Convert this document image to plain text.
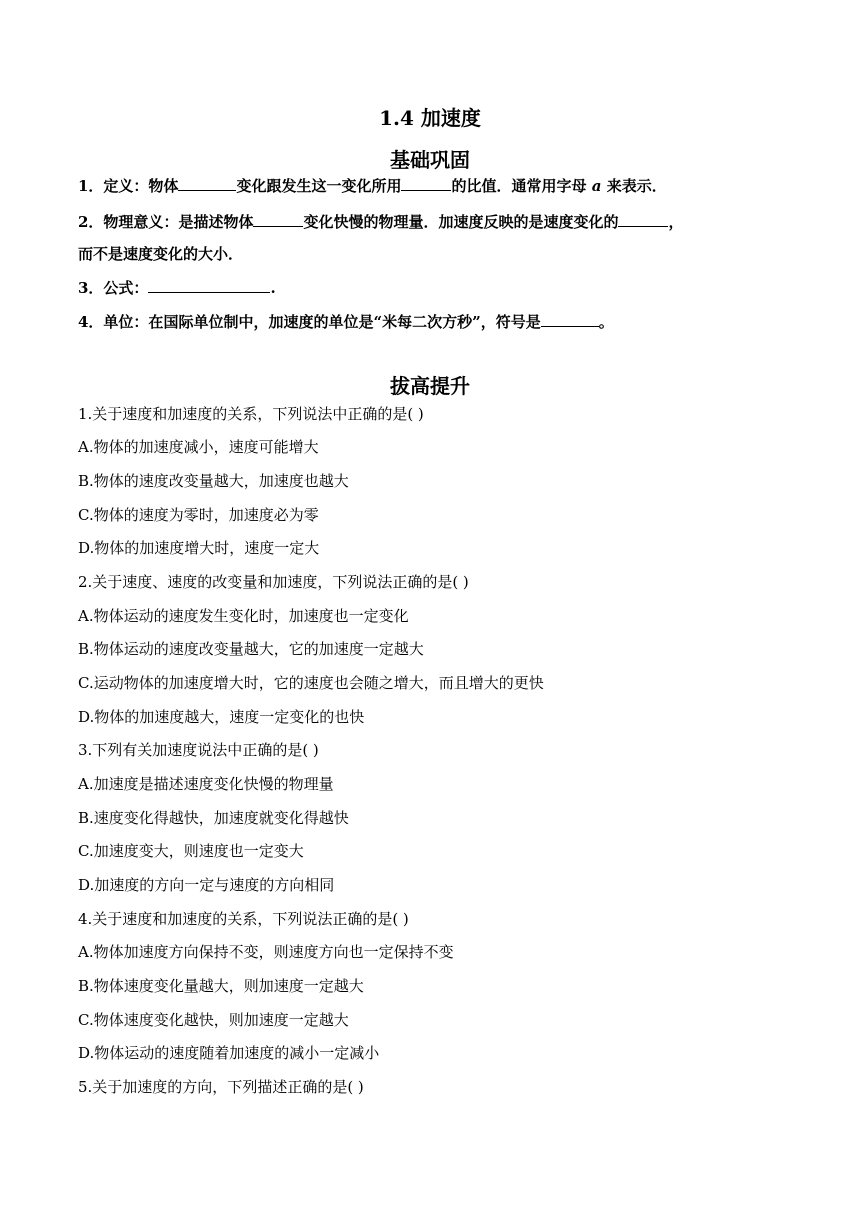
1.4 加速度
基础巩固
1．定义：物体	变化跟发生这一变化所用	的比值．通常用字母 a 来表示．
2．物理意义：是描述物体	变化快慢的物理量．加速度反映的是速度变化的	，
而不是速度变化的大小．
3．公式：	.
4．单位：在国际单位制中，加速度的单位是“米每二次方秒”，符号是	。
拔高提升
1.关于速度和加速度的关系，下列说法中正确的是( )
A.物体的加速度减小，速度可能增大
B.物体的速度改变量越大，加速度也越大
C.物体的速度为零时，加速度必为零
D.物体的加速度增大时，速度一定大
2.关于速度、速度的改变量和加速度，下列说法正确的是( )
A.物体运动的速度发生变化时，加速度也一定变化
B.物体运动的速度改变量越大，它的加速度一定越大
C.运动物体的加速度增大时，它的速度也会随之增大，而且增大的更快
D.物体的加速度越大，速度一定变化的也快
3.下列有关加速度说法中正确的是( )
A.加速度是描述速度变化快慢的物理量
B.速度变化得越快，加速度就变化得越快
C.加速度变大，则速度也一定变大
D.加速度的方向一定与速度的方向相同
4.关于速度和加速度的关系，下列说法正确的是( )
A.物体加速度方向保持不变，则速度方向也一定保持不变
B.物体速度变化量越大，则加速度一定越大
C.物体速度变化越快，则加速度一定越大
D.物体运动的速度随着加速度的减小一定减小
5.关于加速度的方向，下列描述正确的是( )
